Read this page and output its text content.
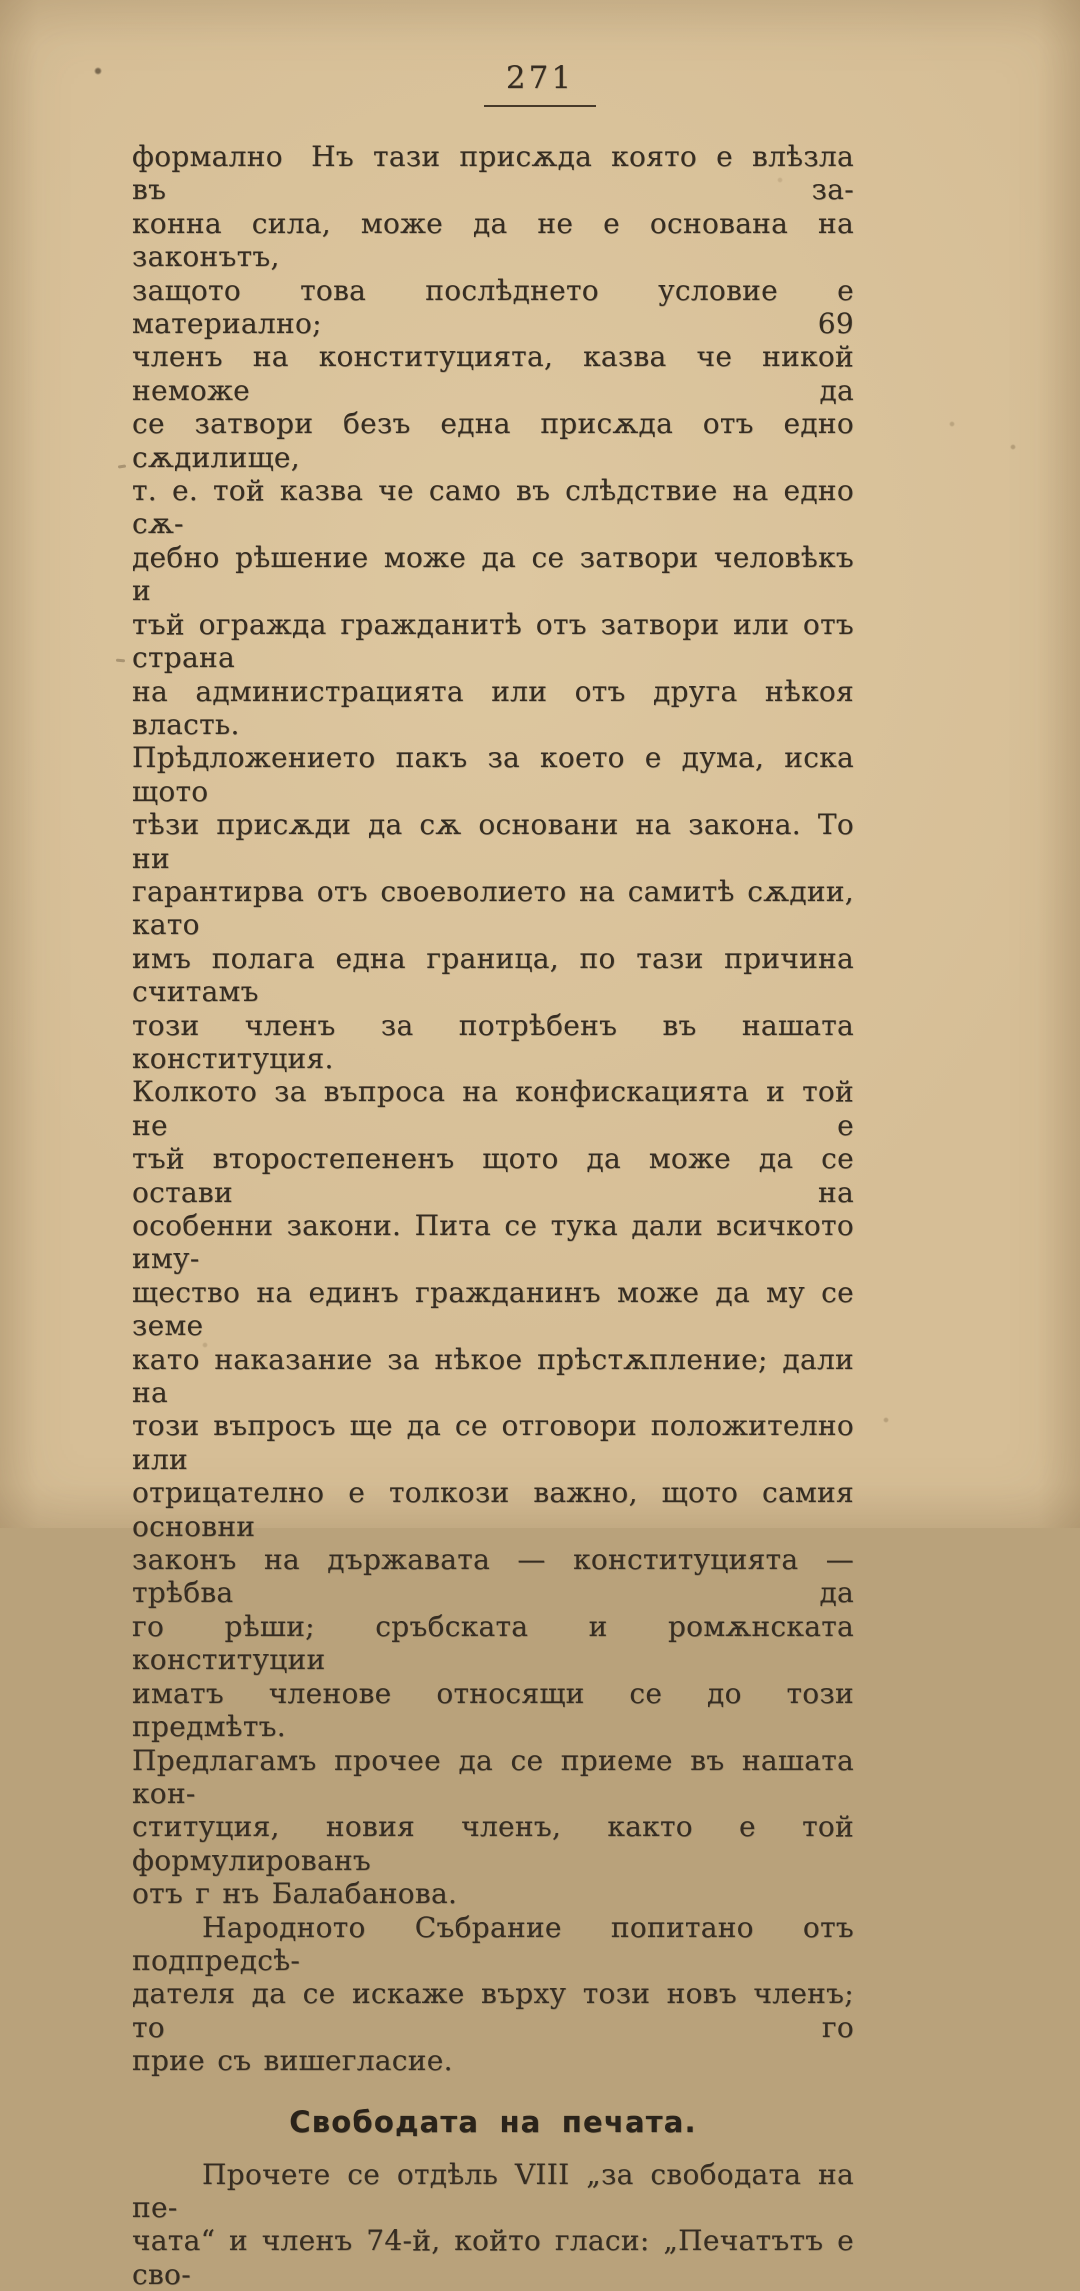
271
формално Нъ тази присѫда която е влѣзла въ за-
конна сила, може да не е основана на законътъ,
защото това послѣднето условие е материално; 69
членъ на конституцията, казва че никой неможе да
се затвори безъ една присѫда отъ едно сѫдилище,
т. е. той казва че само въ слѣдствие на едно сѫ-
дебно рѣшение може да се затвори человѣкъ и
тъй огражда гражданитѣ отъ затвори или отъ страна
на администрацията или отъ друга нѣкоя власть.
Прѣдложението пакъ за което е дума, иска щото
тѣзи присѫди да сѫ основани на закона. То ни
гарантирва отъ своеволието на самитѣ сѫдии, като
имъ полага една граница, по тази причина считамъ
този членъ за потрѣбенъ въ нашата конституция.
Колкото за въпроса на конфискацията и той не е
тъй второстепененъ щото да може да се остави на
особенни закони. Пита се тука дали всичкото иму-
щество на единъ гражданинъ може да му се земе
като наказание за нѣкое прѣстѫпление; дали на
този въпросъ ще да се отговори положително или
отрицателно е толкози важно, щото самия основни
законъ на държавата — конституцията — трѣбва да
го рѣши; сръбската и ромѫнската конституции
иматъ членове относящи се до този предмѣтъ.
Предлагамъ прочее да се приеме въ нашата кон-
ституция, новия членъ, както е той формулированъ
отъ г нъ Балабанова.
Народното Събрание попитано отъ подпредсѣ-
дателя да се искаже върху този новъ членъ; то го
прие съ вишегласие.
Свободата на печата.
Прочете се отдѣль VIII „за свободата на пе-
чата“ и членъ 74-й, който гласи: „Печатътъ е сво-
